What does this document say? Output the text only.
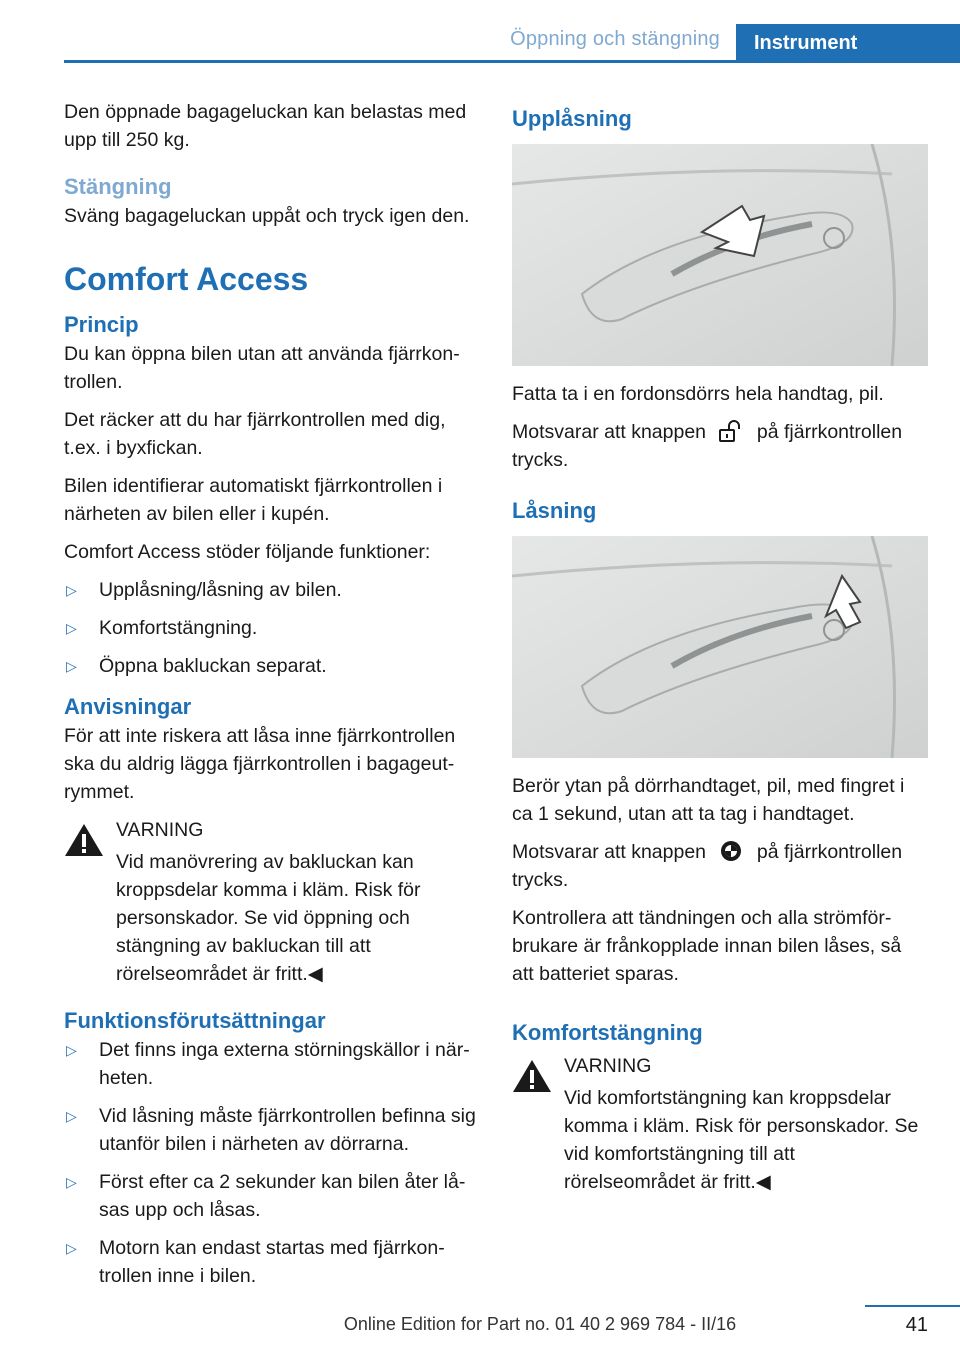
Öppning och stängning Instrument

Den öppnade bagageluckan kan belastas med upp till 250 kg.

Stängning

Sväng bagageluckan uppåt och tryck igen den.

Comfort Access
Princip

Du kan öppna bilen utan att använda fjärrkontrollen.

Det räcker att du har fjärrkontrollen med dig, t.ex. i byxfickan.

Bilen identifierar automatiskt fjärrkontrollen i närheten av bilen eller i kupén.

Comfort Access stöder följande funktioner:

▷ Upplåsning/låsning av bilen.
▷ Komfortstängning.
▷ Öppna bakluckan separat.
Anvisningar

För att inte riskera att låsa inne fjärrkontrollen ska du aldrig lägga fjärrkontrollen i bagageutrymmet.

VARNING
Vid manövrering av bakluckan kan kroppsdelar komma i kläm. Risk för personskador. Se vid öppning och stängning av bakluckan till att rörelseområdet är fritt.◀
Funktionsförutsättningar
▷ Det finns inga externa störningskällor i närheten.
▷ Vid låsning måste fjärrkontrollen befinna sig utanför bilen i närheten av dörrarna.
▷ Först efter ca 2 sekunder kan bilen åter låsas upp och låsas.
▷ Motorn kan endast startas med fjärrkontrollen inne i bilen.
Upplåsning

Fatta ta i en fordonsdörrs hela handtag, pil.

Motsvarar att knappen	på fjärrkontrollen trycks.

Låsning

Berör ytan på dörrhandtaget, pil, med fingret i ca 1 sekund, utan att ta tag i handtaget.

Motsvarar att knappen	på fjärrkontrollen trycks.

Kontrollera att tändningen och alla strömförbrukare är frånkopplade innan bilen låses, så att batteriet sparas.

Komfortstängning
VARNING
Vid komfortstängning kan kroppsdelar komma i kläm. Risk för personskador. Se vid komfortstängning till att rörelseområdet är fritt.◀
Online Edition for Part no. 01 40 2 969 784 - II/16	41
